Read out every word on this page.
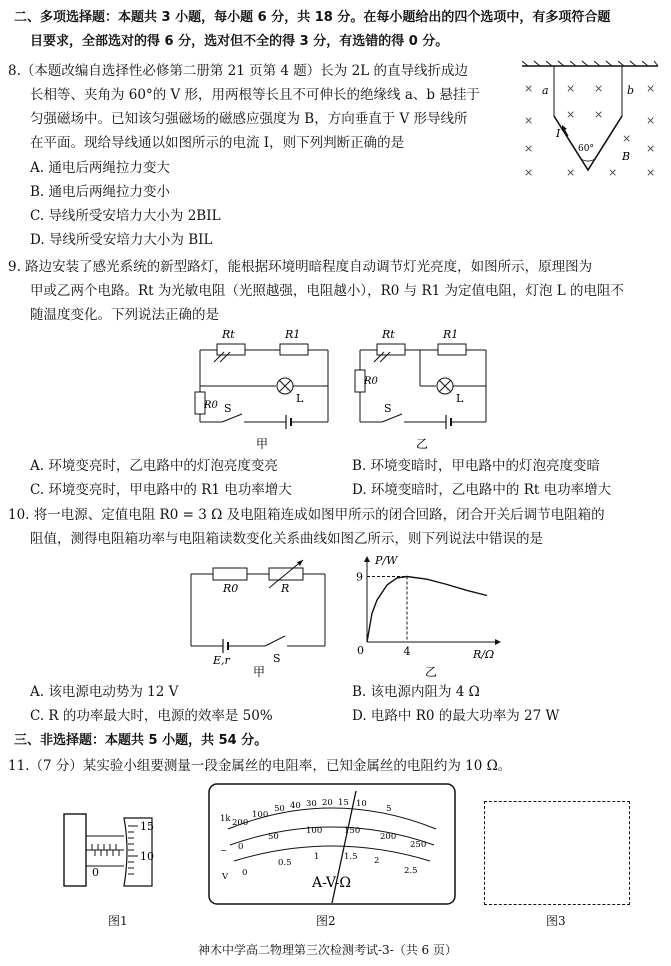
二、多项选择题：本题共 3 小题，每小题 6 分，共 18 分。在每小题给出的四个选项中，有多项符合题
目要求，全部选对的得 6 分，选对但不全的得 3 分，有选错的得 0 分。
8.（本题改编自选择性必修第二册第 21 页第 4 题）长为 2L 的直导线折成边
长相等、夹角为 60°的 V 形，用两根等长且不可伸长的绝缘线 a、b 悬挂于
匀强磁场中。已知该匀强磁场的磁感应强度为 B，方向垂直于 V 形导线所
在平面。现给导线通以如图所示的电流 I，则下列判断正确的是
A. 通电后两绳拉力变大
B. 通电后两绳拉力变小
C. 导线所受安培力大小为 2BIL
D. 导线所受安培力大小为 BIL
a	b
I
60°
B
×	× ×	×
×	× ×	×
×
×
×
×	×	×	×
9. 路边安装了感光系统的新型路灯，能根据环境明暗程度自动调节灯光亮度，如图所示，原理图为
甲或乙两个电路。Rt 为光敏电阻（光照越强，电阻越小），R0 与 R1 为定值电阻，灯泡 L 的电阻不
随温度变化。下列说法正确的是
Rt	R1
R0 S
L
甲
Rt	R1
R0
S
L
乙
A. 环境变亮时，乙电路中的灯泡亮度变亮	B. 环境变暗时，甲电路中的灯泡亮度变暗
C. 环境变亮时，甲电路中的 R1 电功率增大	D. 环境变暗时，乙电路中的 Rt 电功率增大
10. 将一电源、定值电阻 R0 = 3 Ω 及电阻箱连成如图甲所示的闭合回路，闭合开关后调节电阻箱的
阻值，测得电阻箱功率与电阻箱读数变化关系曲线如图乙所示，则下列说法中错误的是
R0	R
E,r	S
甲
P/W
R/Ω
0
9
4
乙
A. 该电源电动势为 12 V	B. 该电源内阻为 4 Ω
C. R 的功率最大时，电源的效率是 50%	D. 电路中 R0 的最大功率为 27 W
三、非选择题：本题共 5 小题，共 54 分。
11.（7 分）某实验小组要测量一段金属丝的电阻率，已知金属丝的电阻约为 10 Ω。
15
10
0
图1
200
100
50 40 30 20 15 10 5
0
50
100	150
200
250
0
0.5
1	1.5 2
2.5
1k
~
V	A-V-Ω
图2	图3
神木中学高二物理第三次检测考试-3-（共 6 页）
